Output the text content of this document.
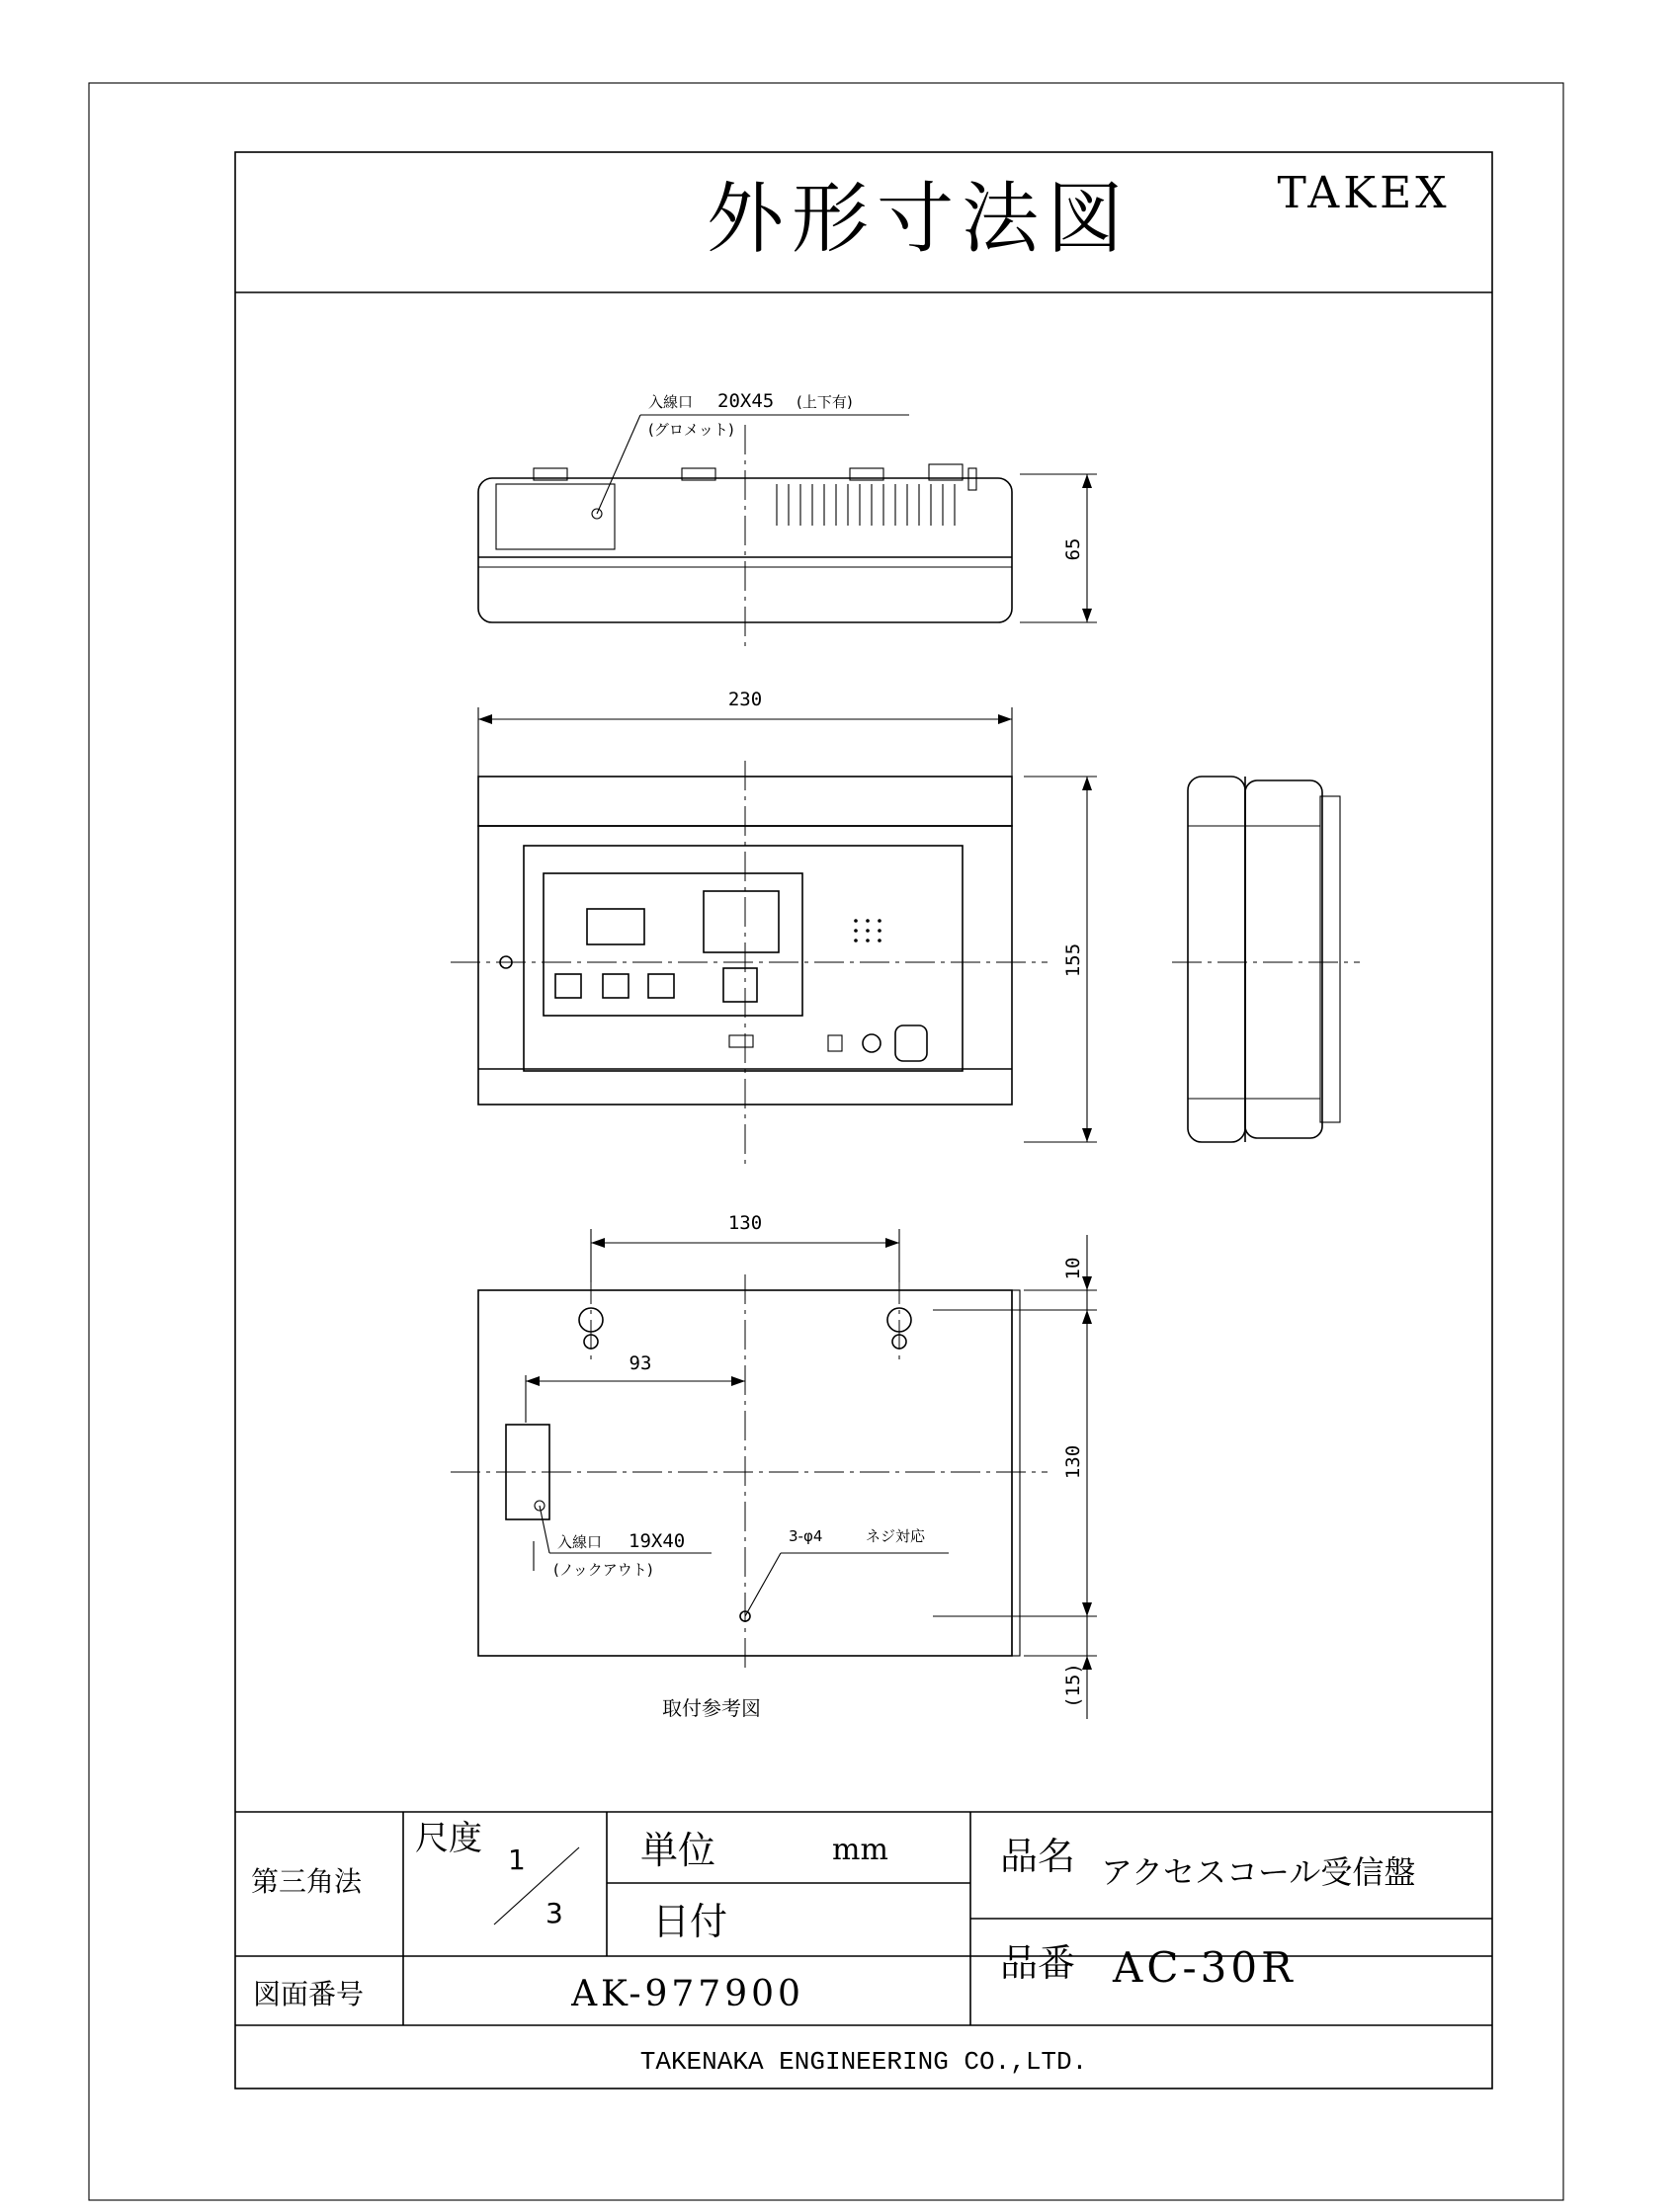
外形寸法図	TAKEX
入線口 20X45 (上下有)
(グロメット)
65
230
155
130
93
入線口 19X40
(ノックアウト)
3-φ4	ネジ対応
10
130
(15)
取付参考図
第三角法
尺度
1
3
単位	mm
日付
品名 アクセスコール受信盤
図面番号	AK-977900
品番 AC-30R
TAKENAKA ENGINEERING CO.,LTD.
